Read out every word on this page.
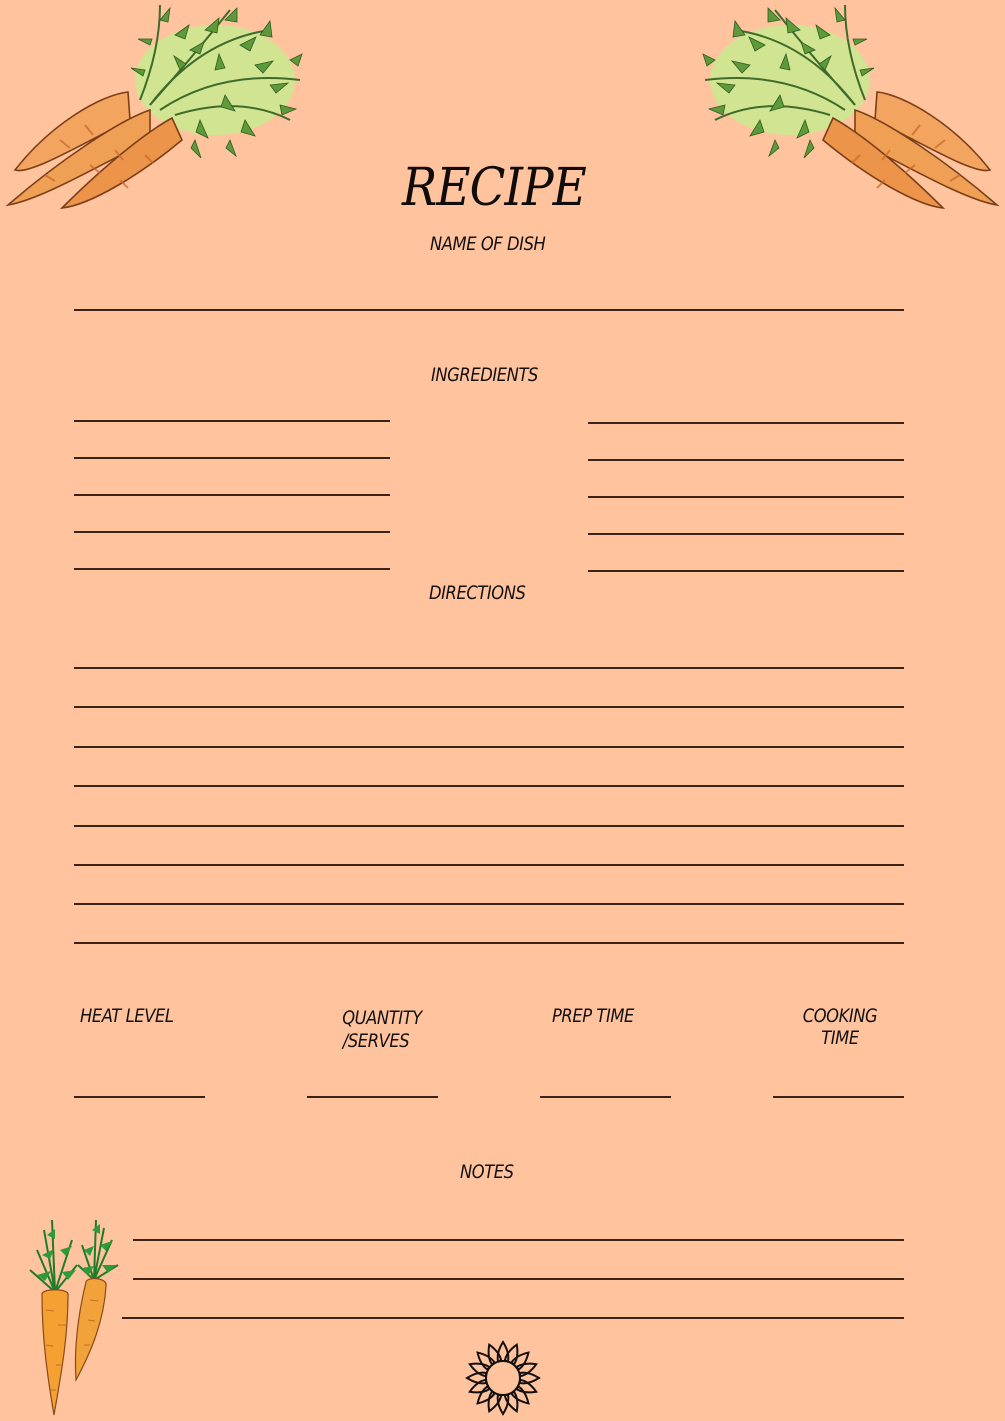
RECIPE
NAME OF DISH
INGREDIENTS
DIRECTIONS
HEAT LEVEL	QUANTITY
/SERVES
PREP TIME	COOKING
TIME
NOTES
